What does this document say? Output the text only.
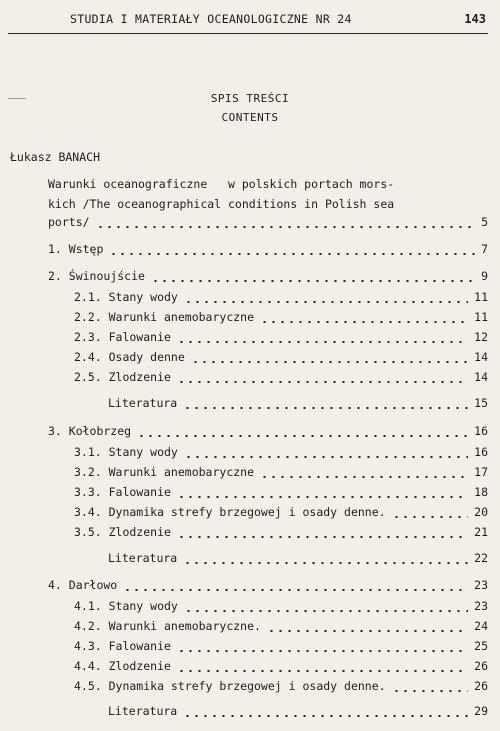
STUDIA I MATERIAŁY OCEANOLOGICZNE NR 24	143
SPIS TREŚCI
CONTENTS
Łukasz BANACH
Warunki oceanograficzne   w polskich portach mors-
kich /The oceanographical conditions in Polish sea
ports/	5
1. Wstęp	7
2. Świnoujście	9
2.1. Stany wody	11
2.2. Warunki anemobaryczne	11
2.3. Falowanie	12
2.4. Osady denne	14
2.5. Zlodzenie	14
Literatura	15
3. Kołobrzeg	16
3.1. Stany wody	16
3.2. Warunki anemobaryczne	17
3.3. Falowanie	18
3.4. Dynamika strefy brzegowej i osady denne.	20
3.5. Zlodzenie	21
Literatura	22
4. Darłowo	23
4.1. Stany wody	23
4.2. Warunki anemobaryczne.	24
4.3. Falowanie	25
4.4. Zlodzenie	26
4.5. Dynamika strefy brzegowej i osady denne.	26
Literatura	29
